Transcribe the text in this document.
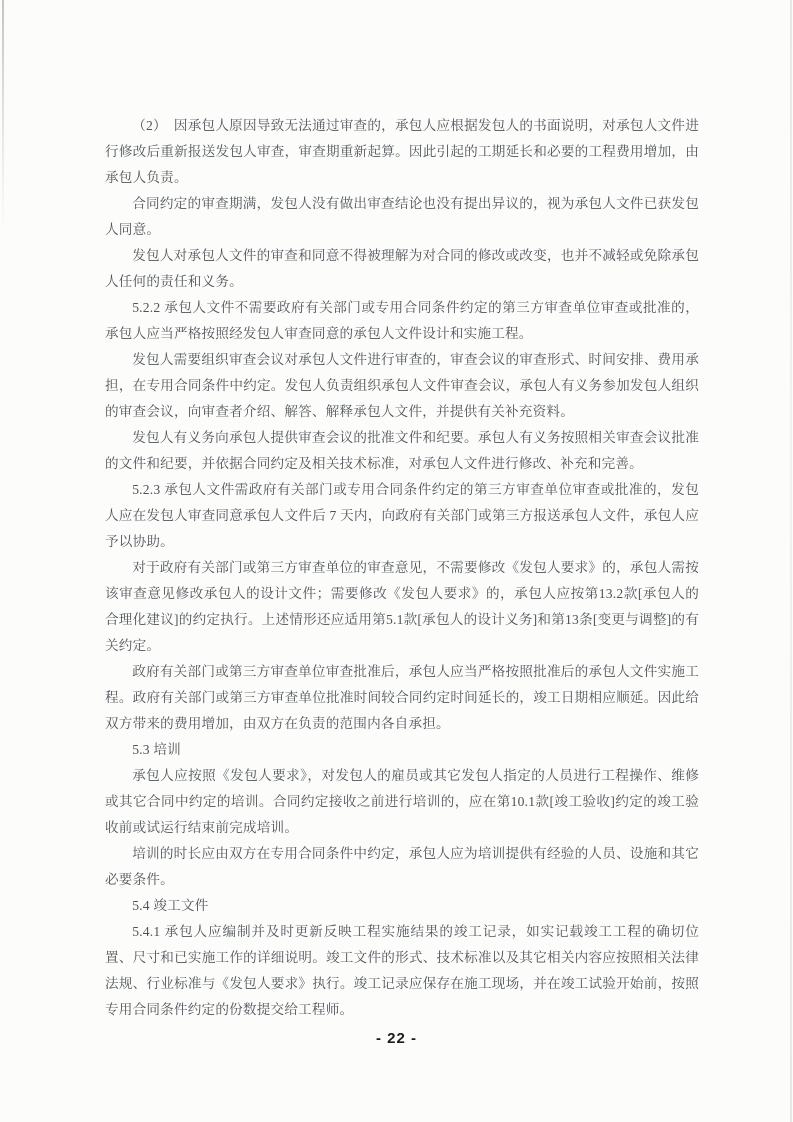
（2）　因承包人原因导致无法通过审查的，承包人应根据发包人的书面说明，对承包人文件进行修改后重新报送发包人审查，审查期重新起算。因此引起的工期延长和必要的工程费用增加，由承包人负责。

合同约定的审查期满，发包人没有做出审查结论也没有提出异议的，视为承包人文件已获发包人同意。

发包人对承包人文件的审查和同意不得被理解为对合同的修改或改变，也并不减轻或免除承包人任何的责任和义务。

5.2.2 承包人文件不需要政府有关部门或专用合同条件约定的第三方审查单位审查或批准的，承包人应当严格按照经发包人审查同意的承包人文件设计和实施工程。

发包人需要组织审查会议对承包人文件进行审查的，审查会议的审查形式、时间安排、费用承担，在专用合同条件中约定。发包人负责组织承包人文件审查会议，承包人有义务参加发包人组织的审查会议，向审查者介绍、解答、解释承包人文件，并提供有关补充资料。

发包人有义务向承包人提供审查会议的批准文件和纪要。承包人有义务按照相关审查会议批准的文件和纪要，并依据合同约定及相关技术标准，对承包人文件进行修改、补充和完善。

5.2.3 承包人文件需政府有关部门或专用合同条件约定的第三方审查单位审查或批准的，发包人应在发包人审查同意承包人文件后 7 天内，向政府有关部门或第三方报送承包人文件，承包人应予以协助。

对于政府有关部门或第三方审查单位的审查意见，不需要修改《发包人要求》的，承包人需按该审查意见修改承包人的设计文件；需要修改《发包人要求》的，承包人应按第13.2款[承包人的合理化建议]的约定执行。上述情形还应适用第5.1款[承包人的设计义务]和第13条[变更与调整]的有关约定。

政府有关部门或第三方审查单位审查批准后，承包人应当严格按照批准后的承包人文件实施工程。政府有关部门或第三方审查单位批准时间较合同约定时间延长的，竣工日期相应顺延。因此给双方带来的费用增加，由双方在负责的范围内各自承担。

5.3 培训

承包人应按照《发包人要求》，对发包人的雇员或其它发包人指定的人员进行工程操作、维修或其它合同中约定的培训。合同约定接收之前进行培训的，应在第10.1款[竣工验收]约定的竣工验收前或试运行结束前完成培训。

培训的时长应由双方在专用合同条件中约定，承包人应为培训提供有经验的人员、设施和其它必要条件。

5.4 竣工文件

5.4.1 承包人应编制并及时更新反映工程实施结果的竣工记录，如实记载竣工工程的确切位置、尺寸和已实施工作的详细说明。竣工文件的形式、技术标准以及其它相关内容应按照相关法律法规、行业标准与《发包人要求》执行。竣工记录应保存在施工现场，并在竣工试验开始前，按照专用合同条件约定的份数提交给工程师。

- 22 -
